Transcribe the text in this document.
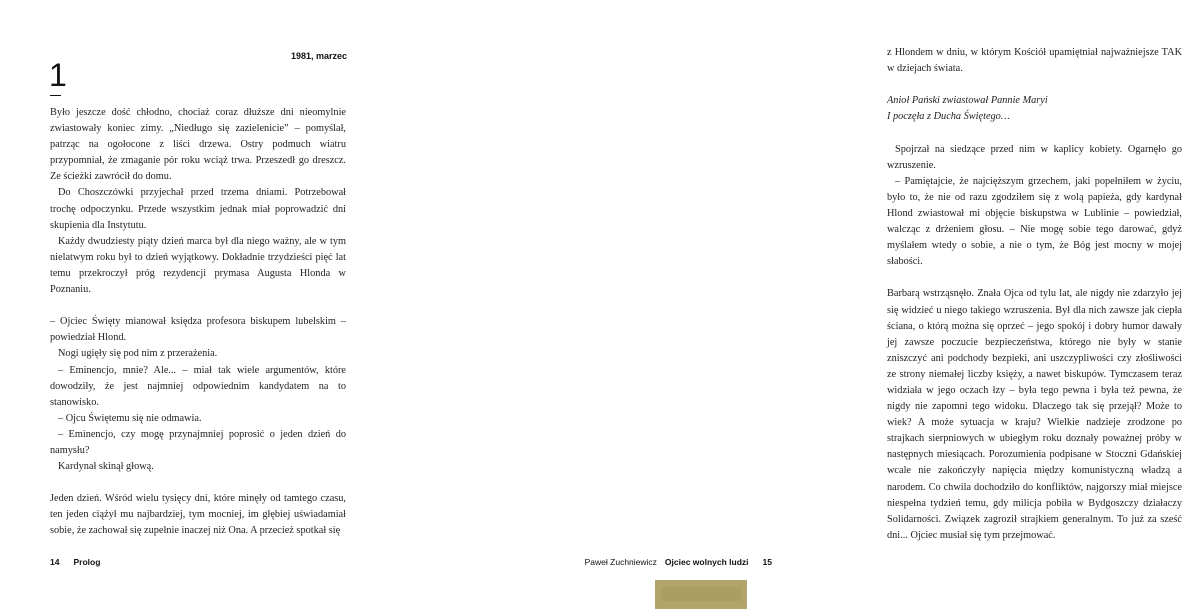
1981, marzec

1

Było jeszcze dość chłodno, chociaż coraz dłuższe dni nieomylnie zwiastowały koniec zimy. „Niedługo się zazielenicie” – pomyślał, patrząc na ogołocone z liści drzewa. Ostry podmuch wiatru przypomniał, że zmaganie pór roku wciąż trwa. Przeszedł go dreszcz. Ze ścieżki zawrócił do domu.

Do Choszczówki przyjechał przed trzema dniami. Potrzebował trochę odpoczynku. Przede wszystkim jednak miał poprowadzić dni skupienia dla Instytutu.

Każdy dwudziesty piąty dzień marca był dla niego ważny, ale w tym nielatwym roku był to dzień wyjątkowy. Dokładnie trzydzieści pięć lat temu przekroczył próg rezydencji prymasa Augusta Hlonda w Poznaniu.

– Ojciec Święty mianował księdza profesora biskupem lubelskim – powiedział Hlond.

Nogi ugięły się pod nim z przerażenia.

– Eminencjo, mnie? Ale... – miał tak wiele argumentów, które dowodziły, że jest najmniej odpowiednim kandydatem na to stanowisko.

– Ojcu Świętemu się nie odmawia.

– Eminencjo, czy mogę przynajmniej poprosić o jeden dzień do namysłu?

Kardynał skinął głową.

Jeden dzień. Wśród wielu tysięcy dni, które minęły od tamtego czasu, ten jeden ciążył mu najbardziej, tym mocniej, im głębiej uświadamiał sobie, że zachował się zupełnie inaczej niż Ona. A przecież spotkał się

14 Prolog

z Hlondem w dniu, w którym Kościół upamiętniał najważniejsze TAK w dziejach świata.

Anioł Pański zwiastował Pannie Maryi

I poczęła z Ducha Świętego…

Spojrzał na siedzące przed nim w kaplicy kobiety. Ogarnęło go wzruszenie.

– Pamiętajcie, że najcięższym grzechem, jaki popełniłem w życiu, było to, że nie od razu zgodziłem się z wolą papieża, gdy kardynał Hlond zwiastował mi objęcie biskupstwa w Lublinie – powiedział, walcząc z drżeniem głosu. – Nie mogę sobie tego darować, gdyż myślałem wtedy o sobie, a nie o tym, że Bóg jest mocny w mojej słabości.

Barbarą wstrząsnęło. Znała Ojca od tylu lat, ale nigdy nie zdarzyło jej się widzieć u niego takiego wzruszenia. Był dla nich zawsze jak ciepła ściana, o którą można się oprzeć – jego spokój i dobry humor dawały jej zawsze poczucie bezpieczeństwa, którego nie były w stanie zniszczyć ani podchody bezpieki, ani uszczypliwości czy złośliwości ze strony niemałej liczby księży, a nawet biskupów. Tymczasem teraz widziała w jego oczach łzy – była tego pewna i była też pewna, że nigdy nie zapomni tego widoku. Dlaczego tak się przejął? Może to wiek? A może sytuacja w kraju? Wielkie nadzieje zrodzone po strajkach sierpniowych w ubiegłym roku doznały poważnej próby w następnych miesiącach. Porozumienia podpisane w Stoczni Gdańskiej wcale nie zakończyły napięcia między komunistyczną władzą a narodem. Co chwila dochodziło do konfliktów, najgorszy miał miejsce niespełna tydzień temu, gdy milicja pobiła w Bydgoszczy działaczy Solidarności. Związek zagroził strajkiem generalnym. To już za sześć dni... Ojciec musiał się tym przejmować.

Paweł Zuchniewicz Ojciec wolnych ludzi 15
